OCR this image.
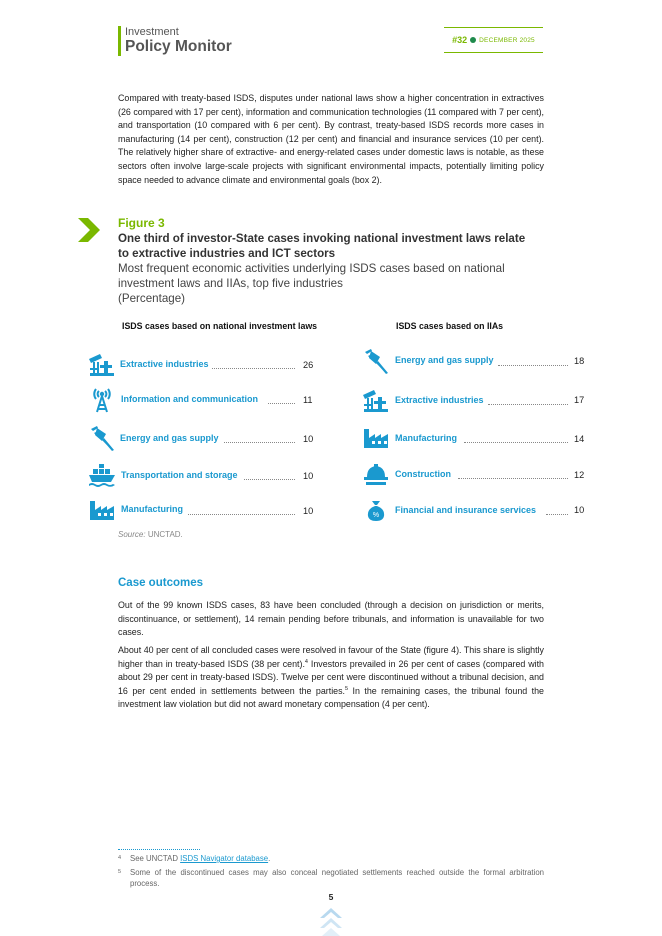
Investment
Policy Monitor	#32 DECEMBER 2025

Compared with treaty-based ISDS, disputes under national laws show a higher concentration in extractives (26 compared with 17 per cent), information and communication technologies (11 compared with 7 per cent), and transportation (10 compared with 6 per cent). By contrast, treaty-based ISDS records more cases in manufacturing (14 per cent), construction (12 per cent) and financial and insurance services (10 per cent). The relatively higher share of extractive- and energy-related cases under domestic laws is notable, as these sectors often involve large-scale projects with significant environmental impacts, potentially limiting policy space needed to advance climate and environmental goals (box 2).

Figure 3
One third of investor-State cases invoking national investment laws relate to extractive industries and ICT sectors
Most frequent economic activities underlying ISDS cases based on national investment laws and IIAs, top five industries
(Percentage)
ISDS cases based on national investment laws	ISDS cases based on IIAs
Extractive industries	26
Information and communication	11
Energy and gas supply	10
Transportation and storage	10
Manufacturing	10
Energy and gas supply	18
Extractive industries	17
Manufacturing	14
Construction	12
%
Financial and insurance services	10
Source: UNCTAD.
Case outcomes

Out of the 99 known ISDS cases, 83 have been concluded (through a decision on jurisdiction or merits, discontinuance, or settlement), 14 remain pending before tribunals, and information is unavailable for two cases.

About 40 per cent of all concluded cases were resolved in favour of the State (figure 4). This share is slightly higher than in treaty-based ISDS (38 per cent).$^4$ Investors prevailed in 26 per cent of cases (compared with about 29 per cent in treaty-based ISDS). Twelve per cent were discontinued without a tribunal decision, and 16 per cent ended in settlements between the parties.$^5$ In the remaining cases, the tribunal found the investment law violation but did not award monetary compensation (4 per cent).

4 See UNCTAD ISDS Navigator database.
5 Some of the discontinued cases may also conceal negotiated settlements reached outside the formal arbitration process.
5
